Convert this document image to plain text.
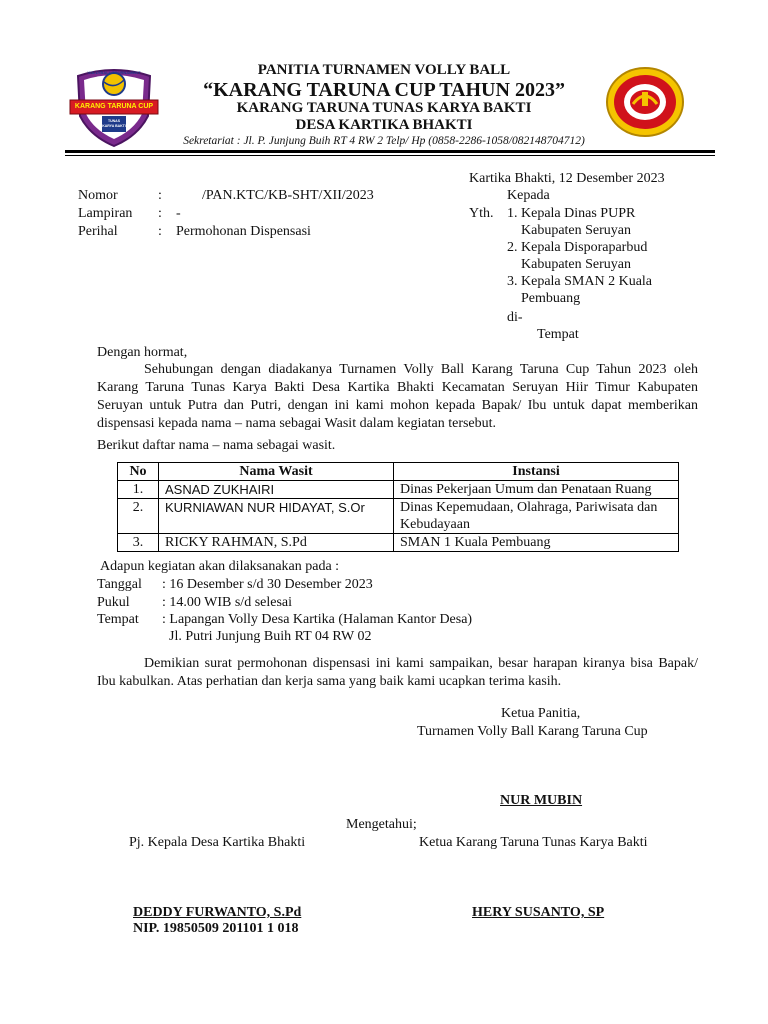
VOLLYBALL TOURNAMENT
KARANG TARUNA CUP
TUNAS KARYA BAKTI
PANITIA TURNAMEN VOLLY BALL
“KARANG TARUNA CUP TAHUN 2023”
KARANG TARUNA TUNAS KARYA BAKTI
DESA KARTIKA BHAKTI
Sekretariat : Jl. P. Junjung Buih RT 4 RW 2 Telp/ Hp (0858-2286-1058/082148704712)
Kartika Bhakti, 12 Desember 2023
Nomor	:	/PAN.KTC/KB-SHT/XII/2023
Lampiran : -
Perihal	: Permohonan Dispensasi
Kepada
Yth. 1. Kepala Dinas PUPR
Kabupaten Seruyan
2. Kepala Disporaparbud
Kabupaten Seruyan
3. Kepala SMAN 2 Kuala
Pembuang
di-
Tempat
Dengan hormat,
Sehubungan dengan diadakanya Turnamen Volly Ball Karang Taruna Cup Tahun 2023 oleh Karang Taruna Tunas Karya Bakti Desa Kartika Bhakti Kecamatan Seruyan Hiir Timur Kabupaten Seruyan untuk Putra dan Putri, dengan ini kami mohon kepada Bapak/ Ibu untuk dapat memberikan dispensasi kepada nama – nama sebagai Wasit dalam kegiatan tersebut.
Berikut daftar nama – nama sebagai wasit.
No	Nama Wasit	Instansi
1.	ASNAD ZUKHAIRI	Dinas Pekerjaan Umum dan Penataan Ruang
2.	KURNIAWAN NUR HIDAYAT, S.Or	Dinas Kepemudaan, Olahraga, Pariwisata dan Kebudayaan
3.	RICKY RAHMAN, S.Pd	SMAN 1 Kuala Pembuang
Adapun kegiatan akan dilaksanakan pada :
Tanggal : 16 Desember s/d 30 Desember 2023
Pukul : 14.00 WIB s/d selesai
Tempat : Lapangan Volly Desa Kartika (Halaman Kantor Desa)
Jl. Putri Junjung Buih RT 04 RW 02
Demikian surat permohonan dispensasi ini kami sampaikan, besar harapan kiranya bisa Bapak/ Ibu kabulkan. Atas perhatian dan kerja sama yang baik kami ucapkan terima kasih.
Ketua Panitia,
Turnamen Volly Ball Karang Taruna Cup
NUR MUBIN
Mengetahui;
Pj. Kepala Desa Kartika Bhakti	Ketua Karang Taruna Tunas Karya Bakti
DEDDY FURWANTO, S.Pd
NIP. 19850509 201101 1 018
HERY SUSANTO, SP
